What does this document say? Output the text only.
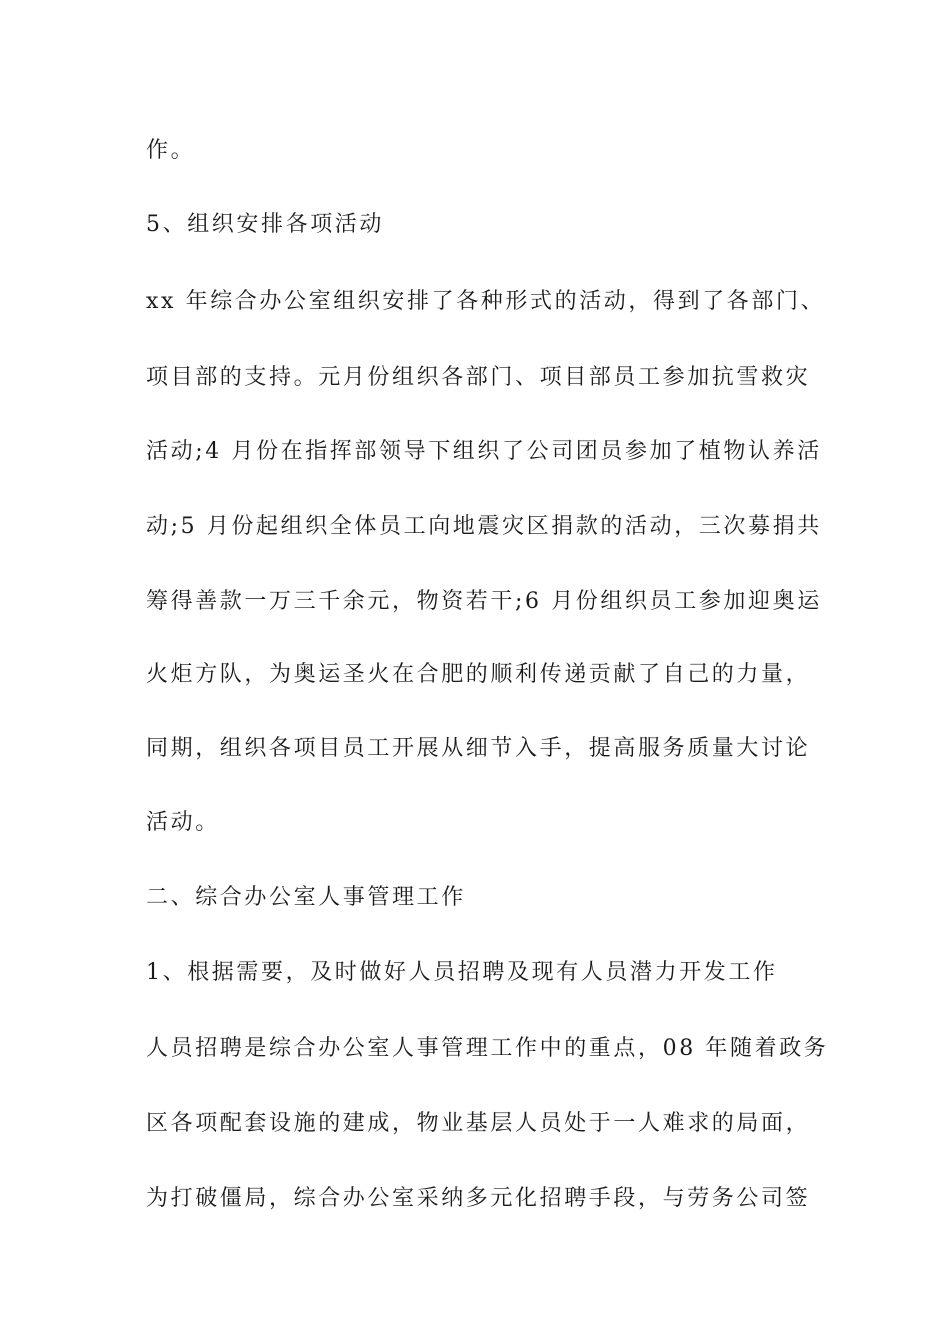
作。
5、组织安排各项活动
xx 年综合办公室组织安排了各种形式的活动，得到了各部门、
项目部的支持。元月份组织各部门、项目部员工参加抗雪救灾
活动;4 月份在指挥部领导下组织了公司团员参加了植物认养活
动;5 月份起组织全体员工向地震灾区捐款的活动，三次募捐共
筹得善款一万三千余元，物资若干;6 月份组织员工参加迎奥运
火炬方队，为奥运圣火在合肥的顺利传递贡献了自己的力量，
同期，组织各项目员工开展从细节入手，提高服务质量大讨论
活动。
二、综合办公室人事管理工作
1、根据需要，及时做好人员招聘及现有人员潜力开发工作
人员招聘是综合办公室人事管理工作中的重点，08 年随着政务
区各项配套设施的建成，物业基层人员处于一人难求的局面，
为打破僵局，综合办公室采纳多元化招聘手段，与劳务公司签
